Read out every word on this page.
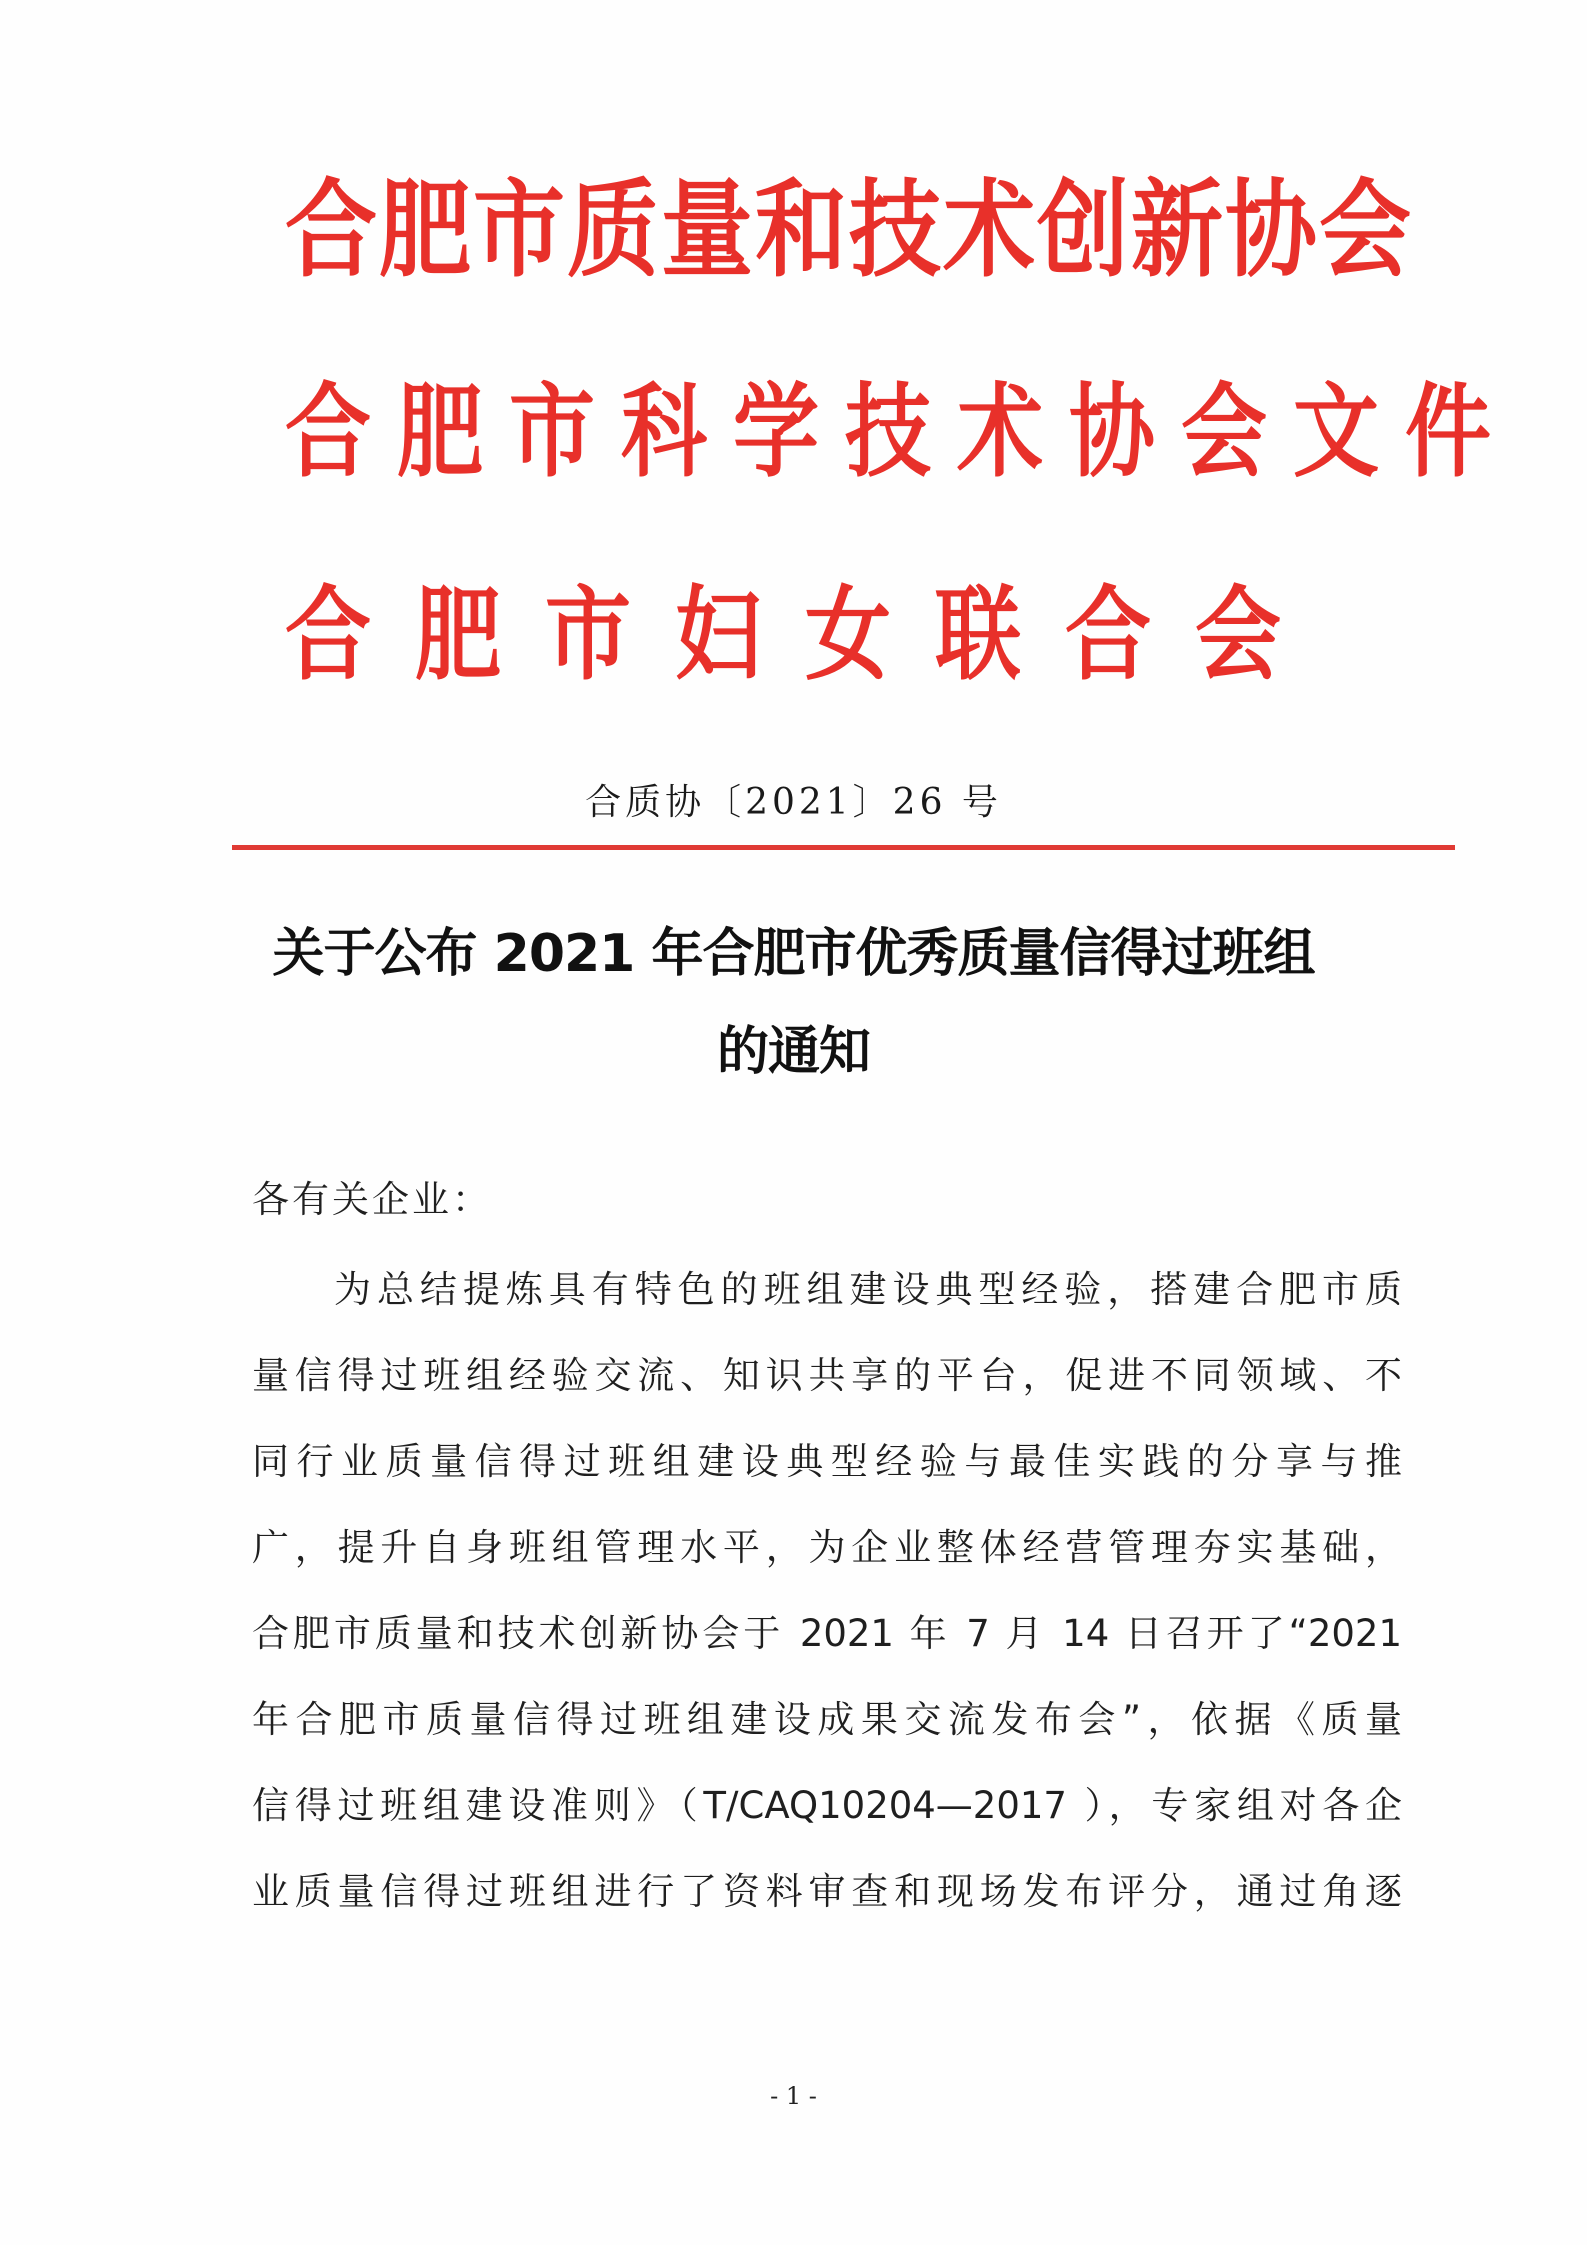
合肥市质量和技术创新协会
合肥市科学技术协会文件
合肥市妇女联合会
合质协〔2021〕26 号
关于公布 2021 年合肥市优秀质量信得过班组
的通知
各有关企业：
为总结提炼具有特色的班组建设典型经验，搭建合肥市质
量信得过班组经验交流、知识共享的平台，促进不同领域、不
同行业质量信得过班组建设典型经验与最佳实践的分享与推
广，提升自身班组管理水平，为企业整体经营管理夯实基础，
合肥市质量和技术创新协会于 2021 年 7 月 14 日召开了“2021
年合肥市质量信得过班组建设成果交流发布会”，依据《质量
信得过班组建设准则》（T/CAQ10204—2017 ），专家组对各企
业质量信得过班组进行了资料审查和现场发布评分，通过角逐
- 1 -
